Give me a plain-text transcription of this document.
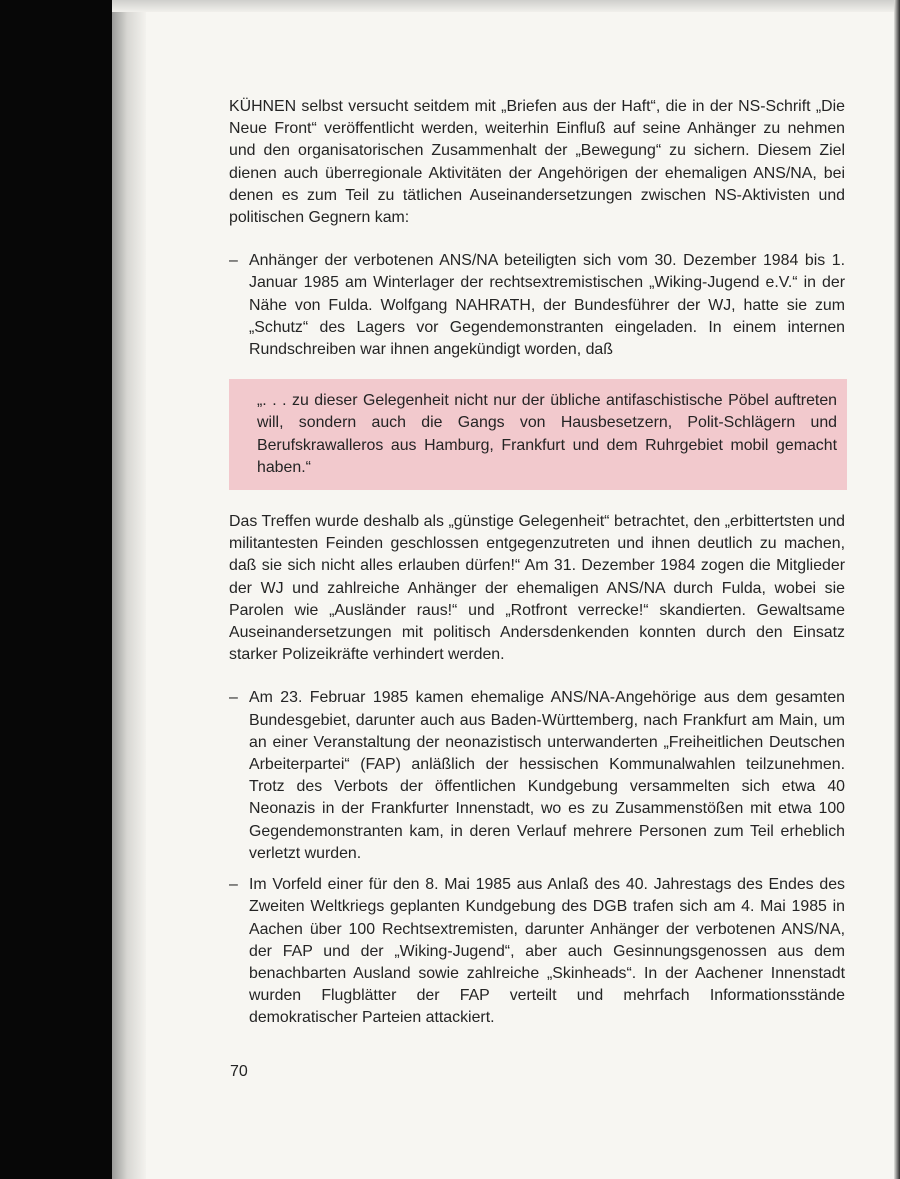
KÜHNEN selbst versucht seitdem mit „Briefen aus der Haft“, die in der NS-Schrift „Die Neue Front“ veröffentlicht werden, weiterhin Einfluß auf seine Anhänger zu nehmen und den organisatorischen Zusammenhalt der „Bewegung“ zu sichern. Diesem Ziel dienen auch überregionale Aktivitäten der Angehörigen der ehemaligen ANS/NA, bei denen es zum Teil zu tätlichen Auseinandersetzungen zwischen NS-Aktivisten und politischen Gegnern kam:

– Anhänger der verbotenen ANS/NA beteiligten sich vom 30. Dezember 1984 bis 1. Januar 1985 am Winterlager der rechtsextremistischen „Wiking-Jugend e.V.“ in der Nähe von Fulda. Wolfgang NAHRATH, der Bundesführer der WJ, hatte sie zum „Schutz“ des Lagers vor Gegendemonstranten eingeladen. In einem internen Rundschreiben war ihnen angekündigt worden, daß
„. . . zu dieser Gelegenheit nicht nur der übliche antifaschistische Pöbel auftreten will, sondern auch die Gangs von Hausbesetzern, Polit-Schlägern und Berufskrawalleros aus Hamburg, Frankfurt und dem Ruhrgebiet mobil gemacht haben.“

Das Treffen wurde deshalb als „günstige Gelegenheit“ betrachtet, den „erbittertsten und militantesten Feinden geschlossen entgegenzutreten und ihnen deutlich zu machen, daß sie sich nicht alles erlauben dürfen!“ Am 31. Dezember 1984 zogen die Mitglieder der WJ und zahlreiche Anhänger der ehemaligen ANS/NA durch Fulda, wobei sie Parolen wie „Ausländer raus!“ und „Rotfront verrecke!“ skandierten. Gewaltsame Auseinandersetzungen mit politisch Andersdenkenden konnten durch den Einsatz starker Polizeikräfte verhindert werden.

– Am 23. Februar 1985 kamen ehemalige ANS/NA-Angehörige aus dem gesamten Bundesgebiet, darunter auch aus Baden-Württemberg, nach Frankfurt am Main, um an einer Veranstaltung der neonazistisch unterwanderten „Freiheitlichen Deutschen Arbeiterpartei“ (FAP) anläßlich der hessischen Kommunalwahlen teilzunehmen. Trotz des Verbots der öffentlichen Kundgebung versammelten sich etwa 40 Neonazis in der Frankfurter Innenstadt, wo es zu Zusammenstößen mit etwa 100 Gegendemonstranten kam, in deren Verlauf mehrere Personen zum Teil erheblich verletzt wurden.
– Im Vorfeld einer für den 8. Mai 1985 aus Anlaß des 40. Jahrestags des Endes des Zweiten Weltkriegs geplanten Kundgebung des DGB trafen sich am 4. Mai 1985 in Aachen über 100 Rechtsextremisten, darunter Anhänger der verbotenen ANS/NA, der FAP und der „Wiking-Jugend“, aber auch Gesinnungsgenossen aus dem benachbarten Ausland sowie zahlreiche „Skinheads“. In der Aachener Innenstadt wurden Flugblätter der FAP verteilt und mehrfach Informationsstände demokratischer Parteien attackiert.
70
